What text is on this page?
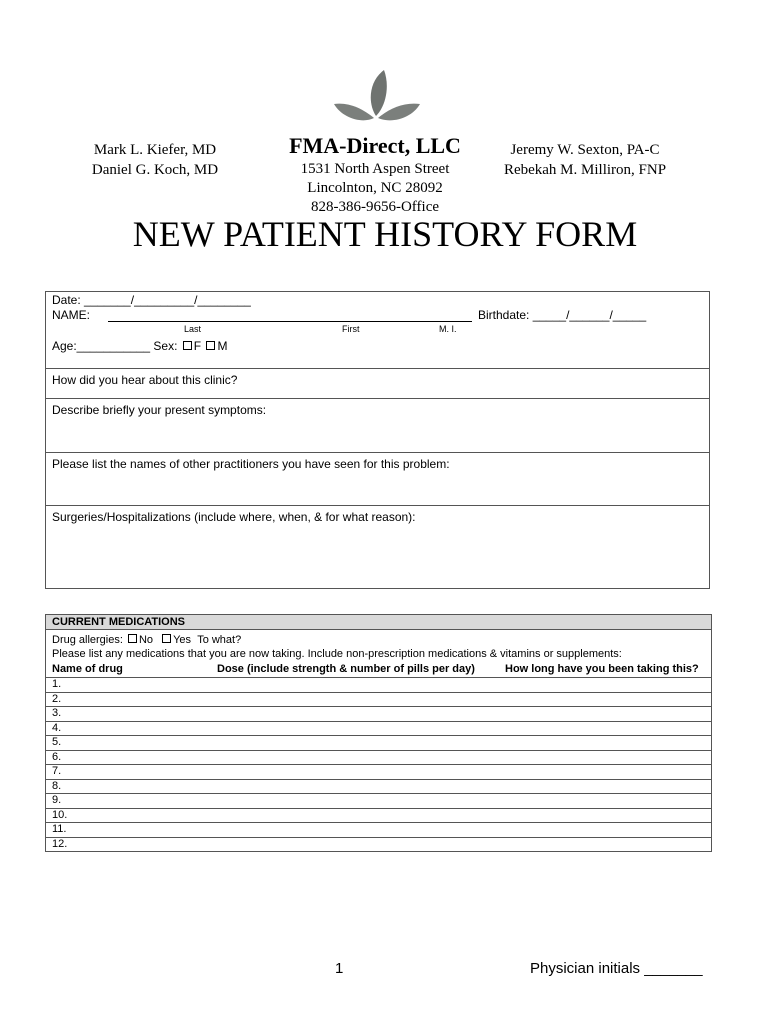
Mark L. Kiefer, MD
Daniel G. Koch, MD
FMA-Direct, LLC
1531 North Aspen Street
Lincolnton, NC 28092
828-386-9656-Office
Jeremy W. Sexton, PA-C
Rebekah M. Milliron, FNP
NEW PATIENT HISTORY FORM
Date: _______/_________/________
NAME:	Birthdate: _____/______/_____
Last	First	M. I.
Age:___________ Sex: F M
How did you hear about this clinic?
Describe briefly your present symptoms:
Please list the names of other practitioners you have seen for this problem:
Surgeries/Hospitalizations (include where, when, & for what reason):
CURRENT MEDICATIONS
Drug allergies: No Yes To what?
Please list any medications that you are now taking. Include non-prescription medications & vitamins or supplements:
Name of drug	Dose (include strength & number of pills per day)	How long have you been taking this?
1.
2.
3.
4.
5.
6.
7.
8.
9.
10.
11.
12.
1	Physician initials _______
